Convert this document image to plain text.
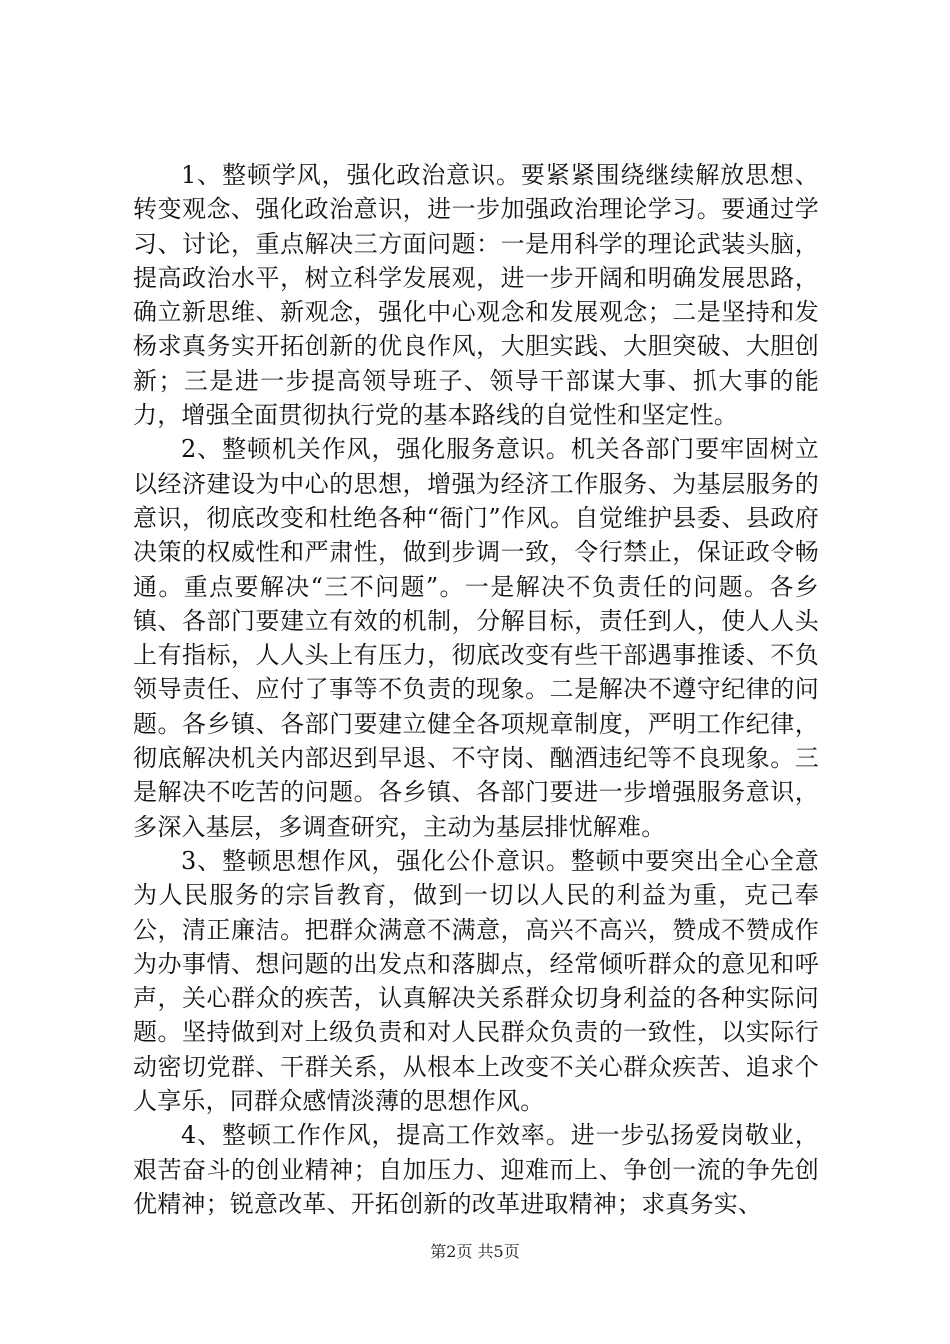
1、整顿学风，强化政治意识。要紧紧围绕继续解放思想、转变观念、强化政治意识，进一步加强政治理论学习。要通过学习、讨论，重点解决三方面问题：一是用科学的理论武装头脑，提高政治水平，树立科学发展观，进一步开阔和明确发展思路，确立新思维、新观念，强化中心观念和发展观念；二是坚持和发杨求真务实开拓创新的优良作风，大胆实践、大胆突破、大胆创新；三是进一步提高领导班子、领导干部谋大事、抓大事的能力，增强全面贯彻执行党的基本路线的自觉性和坚定性。

2、整顿机关作风，强化服务意识。机关各部门要牢固树立以经济建设为中心的思想，增强为经济工作服务、为基层服务的意识，彻底改变和杜绝各种“衙门”作风。自觉维护县委、县政府决策的权威性和严肃性，做到步调一致，令行禁止，保证政令畅通。重点要解决“三不问题”。一是解决不负责任的问题。各乡镇、各部门要建立有效的机制，分解目标，责任到人，使人人头上有指标，人人头上有压力，彻底改变有些干部遇事推诿、不负领导责任、应付了事等不负责的现象。二是解决不遵守纪律的问题。各乡镇、各部门要建立健全各项规章制度，严明工作纪律，彻底解决机关内部迟到早退、不守岗、酗酒违纪等不良现象。三是解决不吃苦的问题。各乡镇、各部门要进一步增强服务意识，多深入基层，多调查研究，主动为基层排忧解难。

3、整顿思想作风，强化公仆意识。整顿中要突出全心全意为人民服务的宗旨教育，做到一切以人民的利益为重，克己奉公，清正廉洁。把群众满意不满意，高兴不高兴，赞成不赞成作为办事情、想问题的出发点和落脚点，经常倾听群众的意见和呼声，关心群众的疾苦，认真解决关系群众切身利益的各种实际问题。坚持做到对上级负责和对人民群众负责的一致性，以实际行动密切党群、干群关系，从根本上改变不关心群众疾苦、追求个人享乐，同群众感情淡薄的思想作风。

4、整顿工作作风，提高工作效率。进一步弘扬爱岗敬业，艰苦奋斗的创业精神；自加压力、迎难而上、争创一流的争先创优精神；锐意改革、开拓创新的改革进取精神；求真务实、

第2页 共5页
